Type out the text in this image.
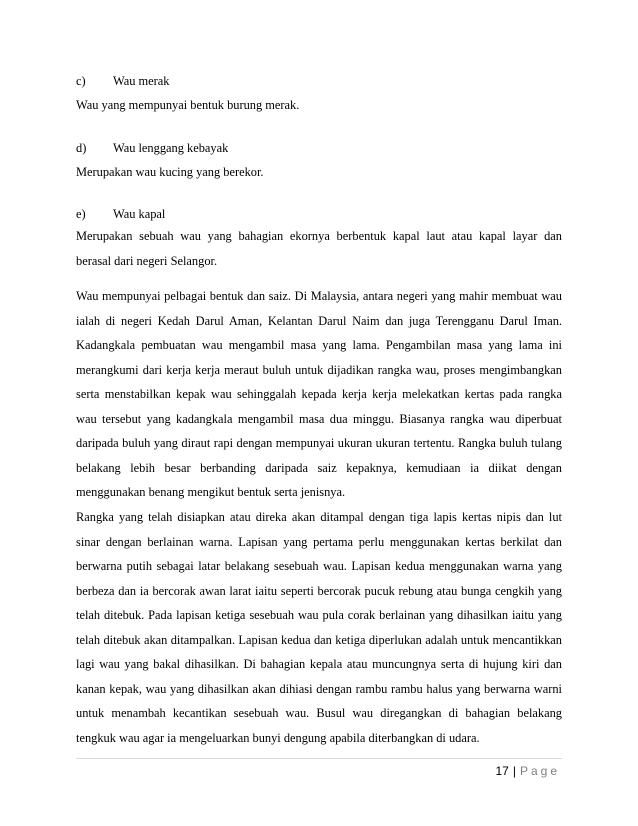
c) Wau merak
Wau yang mempunyai bentuk burung merak.
d) Wau lenggang kebayak
Merupakan wau kucing yang berekor.
e) Wau kapal
Merupakan sebuah wau yang bahagian ekornya berbentuk kapal laut atau kapal layar dan
berasal dari negeri Selangor.
Wau mempunyai pelbagai bentuk dan saiz. Di Malaysia, antara negeri yang mahir membuat wau
ialah di negeri Kedah Darul Aman, Kelantan Darul Naim dan juga Terengganu Darul Iman.
Kadangkala pembuatan wau mengambil masa yang lama. Pengambilan masa yang lama ini
merangkumi dari kerja kerja meraut buluh untuk dijadikan rangka wau, proses mengimbangkan
serta menstabilkan kepak wau sehinggalah kepada kerja kerja melekatkan kertas pada rangka
wau tersebut yang kadangkala mengambil masa dua minggu. Biasanya rangka wau diperbuat
daripada buluh yang diraut rapi dengan mempunyai ukuran ukuran tertentu. Rangka buluh tulang
belakang lebih besar berbanding daripada saiz kepaknya, kemudiaan ia diikat dengan
menggunakan benang mengikut bentuk serta jenisnya.
Rangka yang telah disiapkan atau direka akan ditampal dengan tiga lapis kertas nipis dan lut
sinar dengan berlainan warna. Lapisan yang pertama perlu menggunakan kertas berkilat dan
berwarna putih sebagai latar belakang sesebuah wau. Lapisan kedua menggunakan warna yang
berbeza dan ia bercorak awan larat iaitu seperti bercorak pucuk rebung atau bunga cengkih yang
telah ditebuk. Pada lapisan ketiga sesebuah wau pula corak berlainan yang dihasilkan iaitu yang
telah ditebuk akan ditampalkan. Lapisan kedua dan ketiga diperlukan adalah untuk mencantikkan
lagi wau yang bakal dihasilkan. Di bahagian kepala atau muncungnya serta di hujung kiri dan
kanan kepak, wau yang dihasilkan akan dihiasi dengan rambu rambu halus yang berwarna warni
untuk menambah kecantikan sesebuah wau. Busul wau diregangkan di bahagian belakang
tengkuk wau agar ia mengeluarkan bunyi dengung apabila diterbangkan di udara.
17 | Page
